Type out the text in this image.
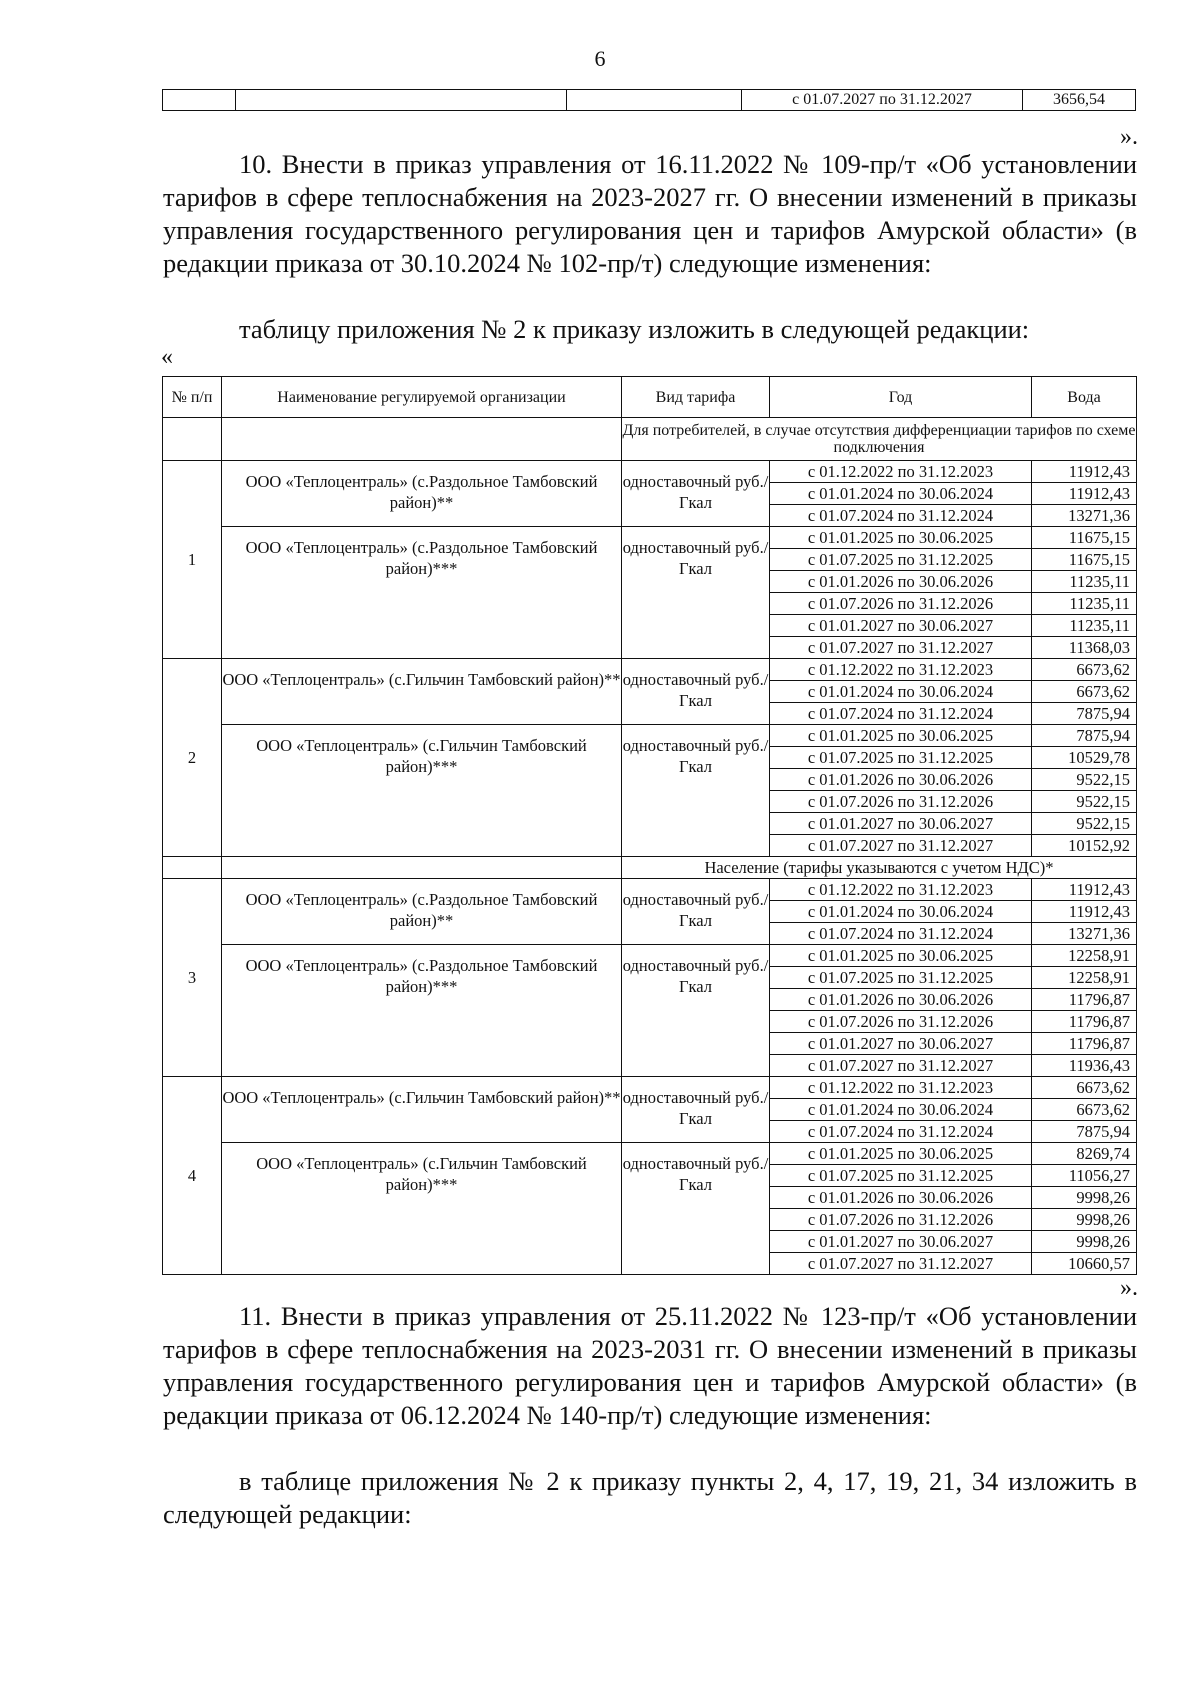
6
			с 01.07.2027 по 31.12.2027	3656,54
».

10. Внести в приказ управления от 16.11.2022 № 109-пр/т «Об установлении тарифов в сфере теплоснабжения на 2023-2027 гг. О внесении изменений в приказы управления государственного регулирования цен и тарифов Амурской области» (в редакции приказа от 30.10.2024 № 102-пр/т) следующие изменения:

таблицу приложения № 2 к приказу изложить в следующей редакции:

«
№ п/п	Наименование регулируемой организации	Вид тарифа	Год	Вода
		Для потребителей, в случае отсутствия дифференциации тарифов по схеме подключения		
1	ООО «Теплоцентраль» (с.Раздольное Тамбовский район)**	одноставочный руб./Гкал	с 01.12.2022 по 31.12.2023	11912,43
			с 01.01.2024 по 30.06.2024	11912,43
			с 01.07.2024 по 31.12.2024	13271,36
	ООО «Теплоцентраль» (с.Раздольное Тамбовский район)***	одноставочный руб./Гкал	с 01.01.2025 по 30.06.2025	11675,15
			с 01.07.2025 по 31.12.2025	11675,15
			с 01.01.2026 по 30.06.2026	11235,11
			с 01.07.2026 по 31.12.2026	11235,11
			с 01.01.2027 по 30.06.2027	11235,11
			с 01.07.2027 по 31.12.2027	11368,03
2	ООО «Теплоцентраль» (с.Гильчин Тамбовский район)**	одноставочный руб./Гкал	с 01.12.2022 по 31.12.2023	6673,62
			с 01.01.2024 по 30.06.2024	6673,62
			с 01.07.2024 по 31.12.2024	7875,94
	ООО «Теплоцентраль» (с.Гильчин Тамбовский район)***	одноставочный руб./Гкал	с 01.01.2025 по 30.06.2025	7875,94
			с 01.07.2025 по 31.12.2025	10529,78
			с 01.01.2026 по 30.06.2026	9522,15
			с 01.07.2026 по 31.12.2026	9522,15
			с 01.01.2027 по 30.06.2027	9522,15
			с 01.07.2027 по 31.12.2027	10152,92
		Население (тарифы указываются с учетом НДС)*		
3	ООО «Теплоцентраль» (с.Раздольное Тамбовский район)**	одноставочный руб./Гкал	с 01.12.2022 по 31.12.2023	11912,43
			с 01.01.2024 по 30.06.2024	11912,43
			с 01.07.2024 по 31.12.2024	13271,36
	ООО «Теплоцентраль» (с.Раздольное Тамбовский район)***	одноставочный руб./Гкал	с 01.01.2025 по 30.06.2025	12258,91
			с 01.07.2025 по 31.12.2025	12258,91
			с 01.01.2026 по 30.06.2026	11796,87
			с 01.07.2026 по 31.12.2026	11796,87
			с 01.01.2027 по 30.06.2027	11796,87
			с 01.07.2027 по 31.12.2027	11936,43
4	ООО «Теплоцентраль» (с.Гильчин Тамбовский район)**	одноставочный руб./Гкал	с 01.12.2022 по 31.12.2023	6673,62
			с 01.01.2024 по 30.06.2024	6673,62
			с 01.07.2024 по 31.12.2024	7875,94
	ООО «Теплоцентраль» (с.Гильчин Тамбовский район)***	одноставочный руб./Гкал	с 01.01.2025 по 30.06.2025	8269,74
			с 01.07.2025 по 31.12.2025	11056,27
			с 01.01.2026 по 30.06.2026	9998,26
			с 01.07.2026 по 31.12.2026	9998,26
			с 01.01.2027 по 30.06.2027	9998,26
			с 01.07.2027 по 31.12.2027	10660,57
».

11. Внести в приказ управления от 25.11.2022 № 123-пр/т «Об установлении тарифов в сфере теплоснабжения на 2023-2031 гг. О внесении изменений в приказы управления государственного регулирования цен и тарифов Амурской области» (в редакции приказа от 06.12.2024 № 140-пр/т) следующие изменения:

в таблице приложения № 2 к приказу пункты 2, 4, 17, 19, 21, 34 изложить в следующей редакции:
